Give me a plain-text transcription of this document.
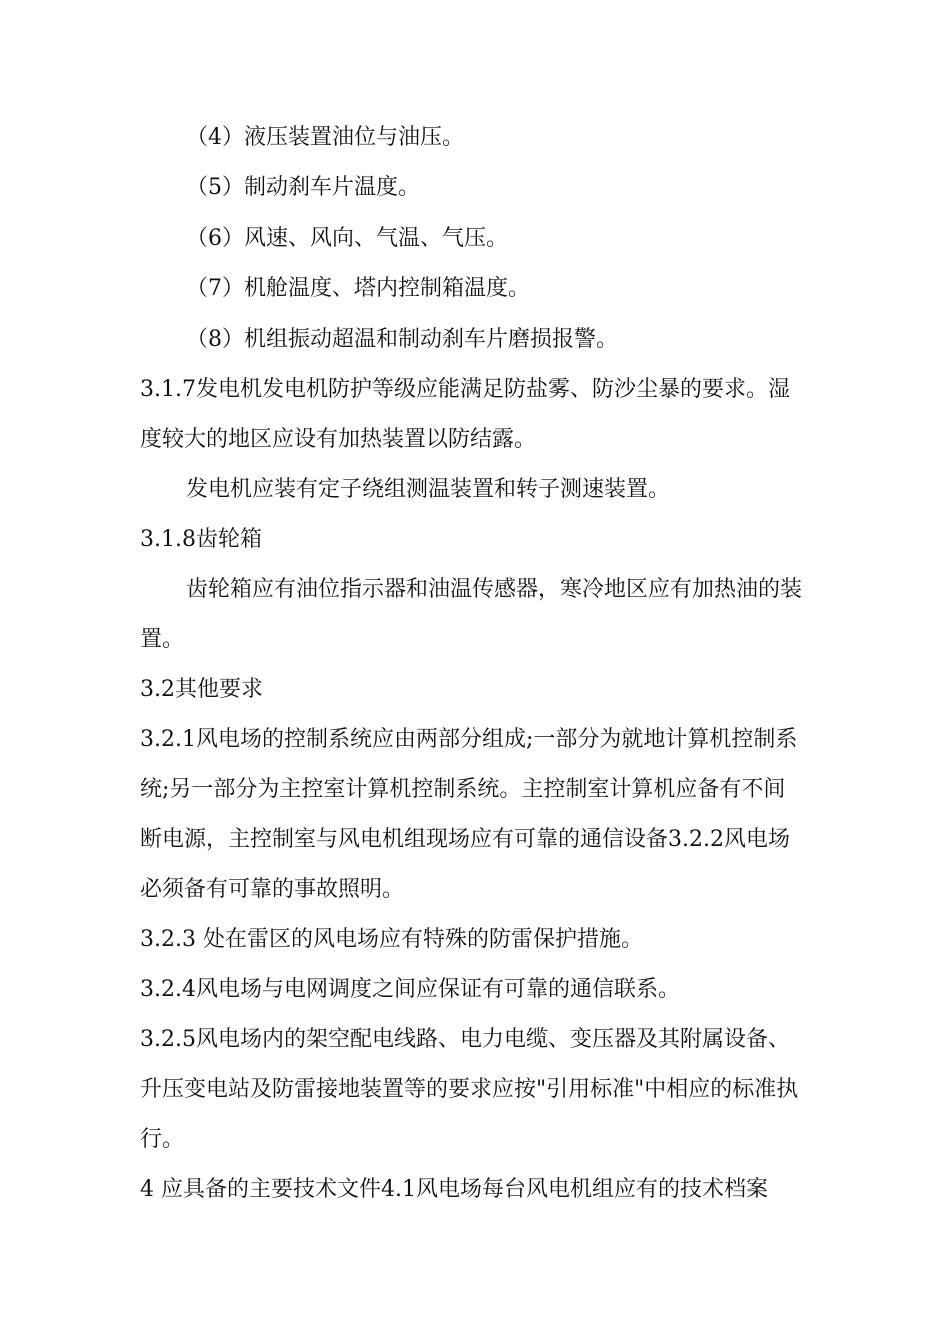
（4）液压装置油位与油压。
（5）制动刹车片温度。
（6）风速、风向、气温、气压。
（7）机舱温度、塔内控制箱温度。
（8）机组振动超温和制动刹车片磨损报警。
3.1.7发电机发电机防护等级应能满足防盐雾、防沙尘暴的要求。湿
度较大的地区应设有加热装置以防结露。
发电机应装有定子绕组测温装置和转子测速装置。
3.1.8齿轮箱
齿轮箱应有油位指示器和油温传感器，寒冷地区应有加热油的装
置。
3.2其他要求
3.2.1风电场的控制系统应由两部分组成;一部分为就地计算机控制系
统;另一部分为主控室计算机控制系统。主控制室计算机应备有不间
断电源，主控制室与风电机组现场应有可靠的通信设备3.2.2风电场
必须备有可靠的事故照明。
3.2.3 处在雷区的风电场应有特殊的防雷保护措施。
3.2.4风电场与电网调度之间应保证有可靠的通信联系。
3.2.5风电场内的架空配电线路、电力电缆、变压器及其附属设备、
升压变电站及防雷接地装置等的要求应按"引用标准"中相应的标准执
行。
4 应具备的主要技术文件4.1风电场每台风电机组应有的技术档案
